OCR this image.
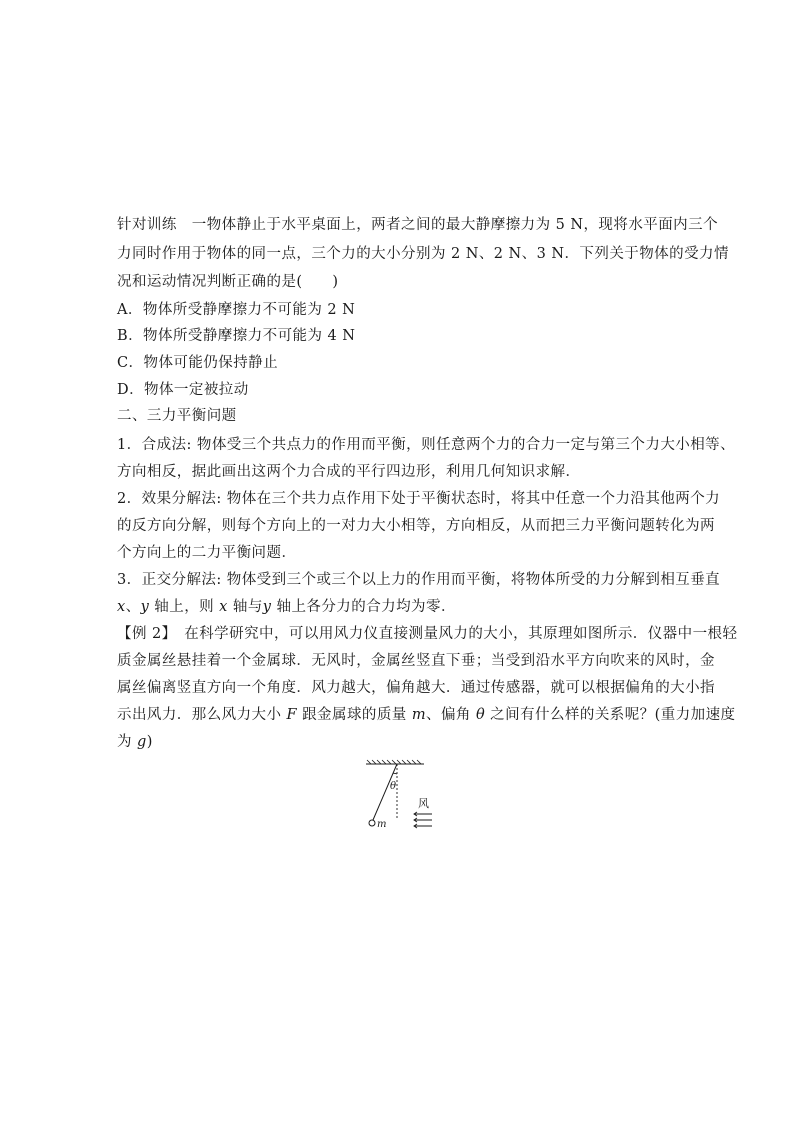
针对训练　一物体静止于水平桌面上，两者之间的最大静摩擦力为 5 N，现将水平面内三个
力同时作用于物体的同一点，三个力的大小分别为 2 N、2 N、3 N．下列关于物体的受力情
况和运动情况判断正确的是(　　)
A．物体所受静摩擦力不可能为 2 N
B．物体所受静摩擦力不可能为 4 N
C．物体可能仍保持静止
D．物体一定被拉动
二、三力平衡问题
1．合成法: 物体受三个共点力的作用而平衡，则任意两个力的合力一定与第三个力大小相等、
方向相反，据此画出这两个力合成的平行四边形，利用几何知识求解．
2．效果分解法: 物体在三个共力点作用下处于平衡状态时，将其中任意一个力沿其他两个力
的反方向分解，则每个方向上的一对力大小相等，方向相反，从而把三力平衡问题转化为两
个方向上的二力平衡问题．
3．正交分解法: 物体受到三个或三个以上力的作用而平衡，将物体所受的力分解到相互垂直
x、y 轴上，则 x 轴与y 轴上各分力的合力均为零．
【例 2】　在科学研究中，可以用风力仪直接测量风力的大小，其原理如图所示．仪器中一根轻
质金属丝悬挂着一个金属球．无风时，金属丝竖直下垂；当受到沿水平方向吹来的风时，金
属丝偏离竖直方向一个角度．风力越大，偏角越大．通过传感器，就可以根据偏角的大小指
示出风力．那么风力大小 F 跟金属球的质量 m、偏角 θ 之间有什么样的关系呢？(重力加速度
为 g)
θ
m
风
